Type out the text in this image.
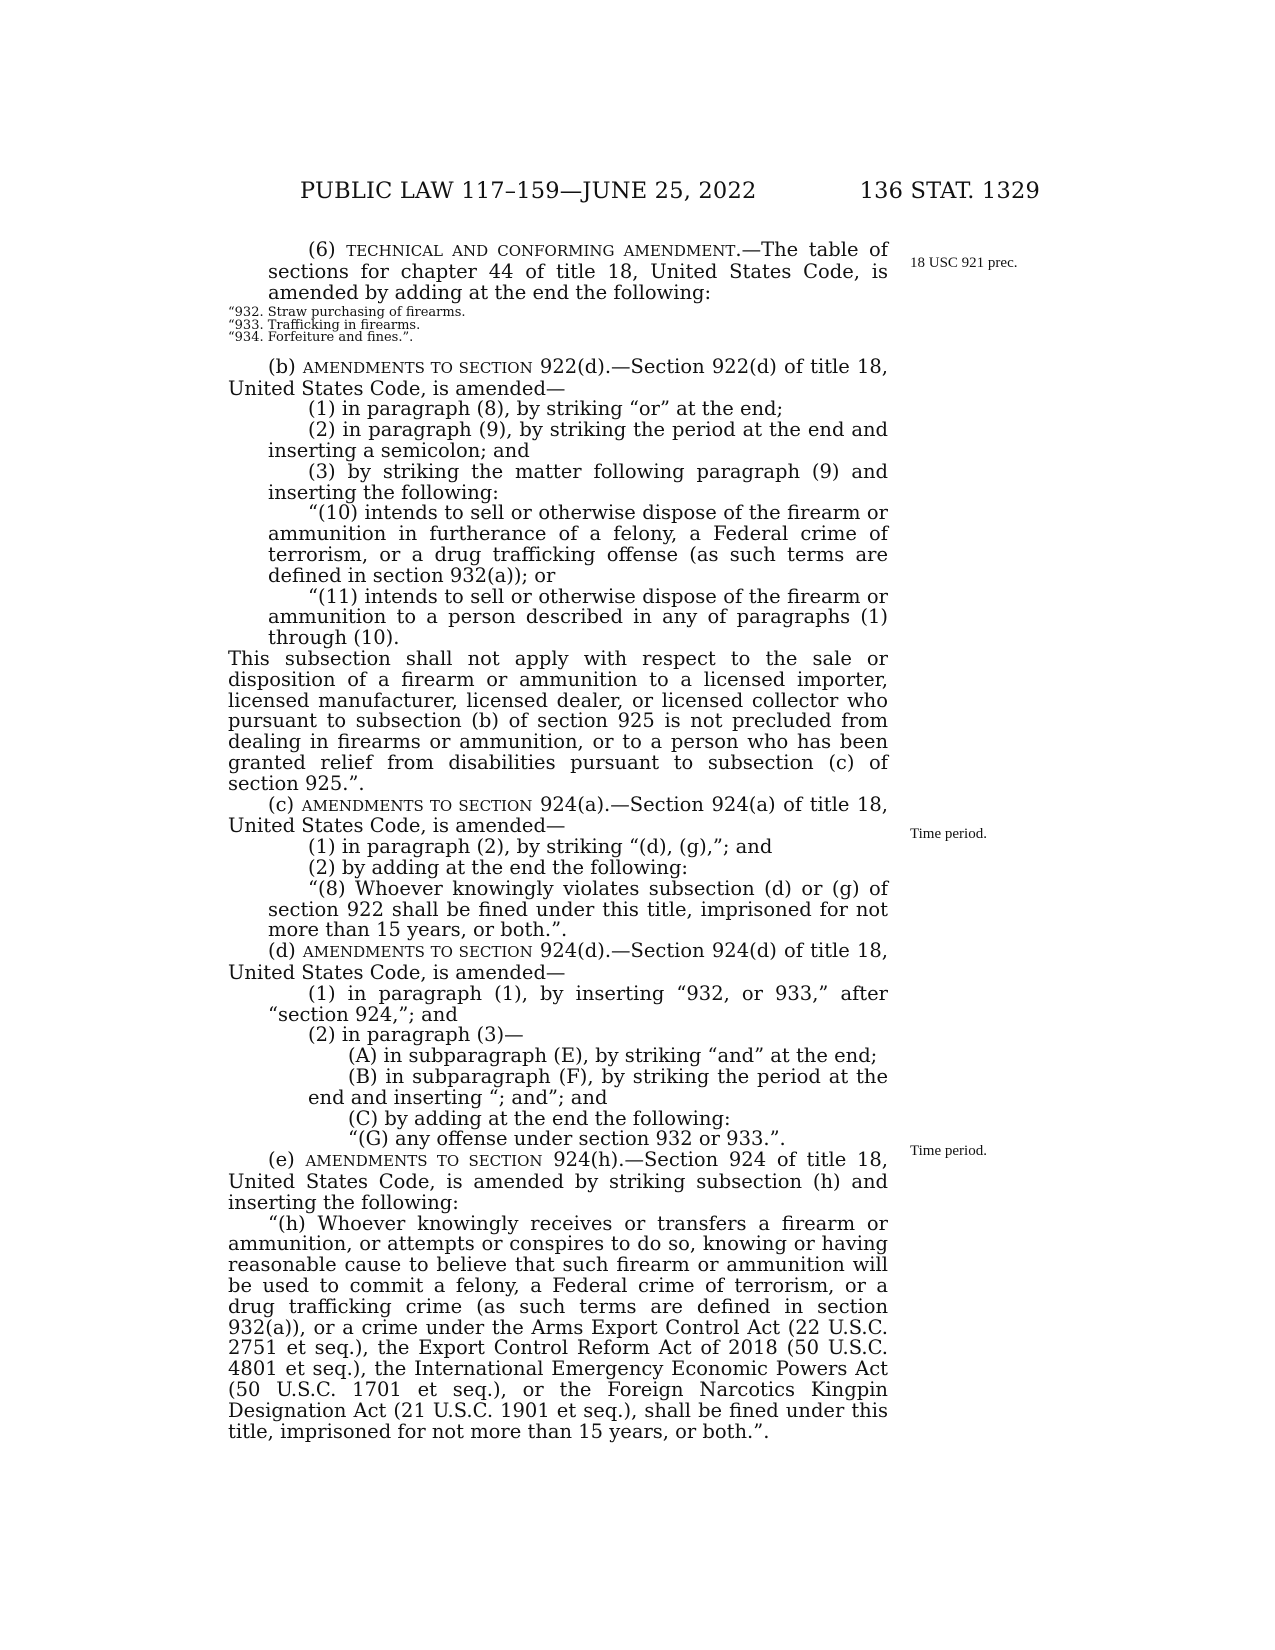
PUBLIC LAW 117–159—JUNE 25, 2022	136 STAT. 1329
18 USC 921 prec.
Time period.
Time period.

(6) TECHNICAL AND CONFORMING AMENDMENT.—The table of sections for chapter 44 of title 18, United States Code, is amended by adding at the end the following:

“932. Straw purchasing of firearms.
“933. Trafficking in firearms.
“934. Forfeiture and fines.”.

(b) AMENDMENTS TO SECTION 922(d).—Section 922(d) of title 18, United States Code, is amended—

(1) in paragraph (8), by striking “or” at the end;

(2) in paragraph (9), by striking the period at the end and inserting a semicolon; and

(3) by striking the matter following paragraph (9) and inserting the following:

“(10) intends to sell or otherwise dispose of the firearm or ammunition in furtherance of a felony, a Federal crime of terrorism, or a drug trafficking offense (as such terms are defined in section 932(a)); or

“(11) intends to sell or otherwise dispose of the firearm or ammunition to a person described in any of paragraphs (1) through (10).

This subsection shall not apply with respect to the sale or disposition of a firearm or ammunition to a licensed importer, licensed manufacturer, licensed dealer, or licensed collector who pursuant to subsection (b) of section 925 is not precluded from dealing in firearms or ammunition, or to a person who has been granted relief from disabilities pursuant to subsection (c) of section 925.”.

(c) AMENDMENTS TO SECTION 924(a).—Section 924(a) of title 18, United States Code, is amended—

(1) in paragraph (2), by striking “(d), (g),”; and

(2) by adding at the end the following:

“(8) Whoever knowingly violates subsection (d) or (g) of section 922 shall be fined under this title, imprisoned for not more than 15 years, or both.”.

(d) AMENDMENTS TO SECTION 924(d).—Section 924(d) of title 18, United States Code, is amended—

(1) in paragraph (1), by inserting “932, or 933,” after “section 924,”; and

(2) in paragraph (3)—

(A) in subparagraph (E), by striking “and” at the end;

(B) in subparagraph (F), by striking the period at the end and inserting “; and”; and

(C) by adding at the end the following:

“(G) any offense under section 932 or 933.”.

(e) AMENDMENTS TO SECTION 924(h).—Section 924 of title 18, United States Code, is amended by striking subsection (h) and inserting the following:

“(h) Whoever knowingly receives or transfers a firearm or ammunition, or attempts or conspires to do so, knowing or having reasonable cause to believe that such firearm or ammunition will be used to commit a felony, a Federal crime of terrorism, or a drug trafficking crime (as such terms are defined in section 932(a)), or a crime under the Arms Export Control Act (22 U.S.C. 2751 et seq.), the Export Control Reform Act of 2018 (50 U.S.C. 4801 et seq.), the International Emergency Economic Powers Act (50 U.S.C. 1701 et seq.), or the Foreign Narcotics Kingpin Designation Act (21 U.S.C. 1901 et seq.), shall be fined under this title, imprisoned for not more than 15 years, or both.”.
